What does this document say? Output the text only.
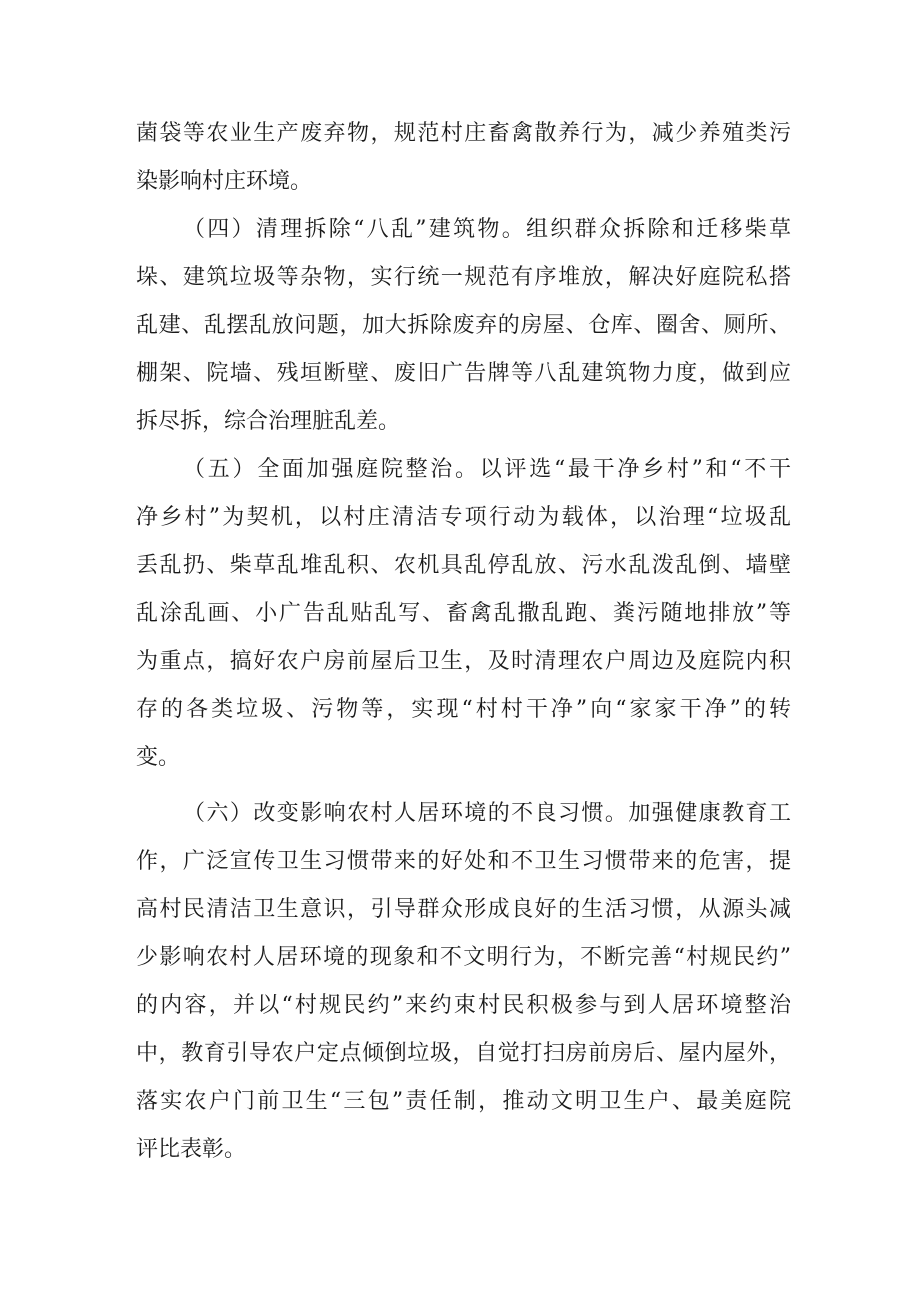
菌袋等农业生产废弃物，规范村庄畜禽散养行为，减少养殖类污
染影响村庄环境。
（四）清理拆除“八乱”建筑物。组织群众拆除和迁移柴草
垛、建筑垃圾等杂物，实行统一规范有序堆放，解决好庭院私搭
乱建、乱摆乱放问题，加大拆除废弃的房屋、仓库、圈舍、厕所、
棚架、院墙、残垣断壁、废旧广告牌等八乱建筑物力度，做到应
拆尽拆，综合治理脏乱差。
（五）全面加强庭院整治。以评选“最干净乡村”和“不干
净乡村”为契机，以村庄清洁专项行动为载体，以治理“垃圾乱
丢乱扔、柴草乱堆乱积、农机具乱停乱放、污水乱泼乱倒、墙壁
乱涂乱画、小广告乱贴乱写、畜禽乱撒乱跑、粪污随地排放”等
为重点，搞好农户房前屋后卫生，及时清理农户周边及庭院内积
存的各类垃圾、污物等，实现“村村干净”向“家家干净”的转
变。
（六）改变影响农村人居环境的不良习惯。加强健康教育工
作，广泛宣传卫生习惯带来的好处和不卫生习惯带来的危害，提
高村民清洁卫生意识，引导群众形成良好的生活习惯，从源头减
少影响农村人居环境的现象和不文明行为，不断完善“村规民约”
的内容，并以“村规民约”来约束村民积极参与到人居环境整治
中，教育引导农户定点倾倒垃圾，自觉打扫房前房后、屋内屋外，
落实农户门前卫生“三包”责任制，推动文明卫生户、最美庭院
评比表彰。
